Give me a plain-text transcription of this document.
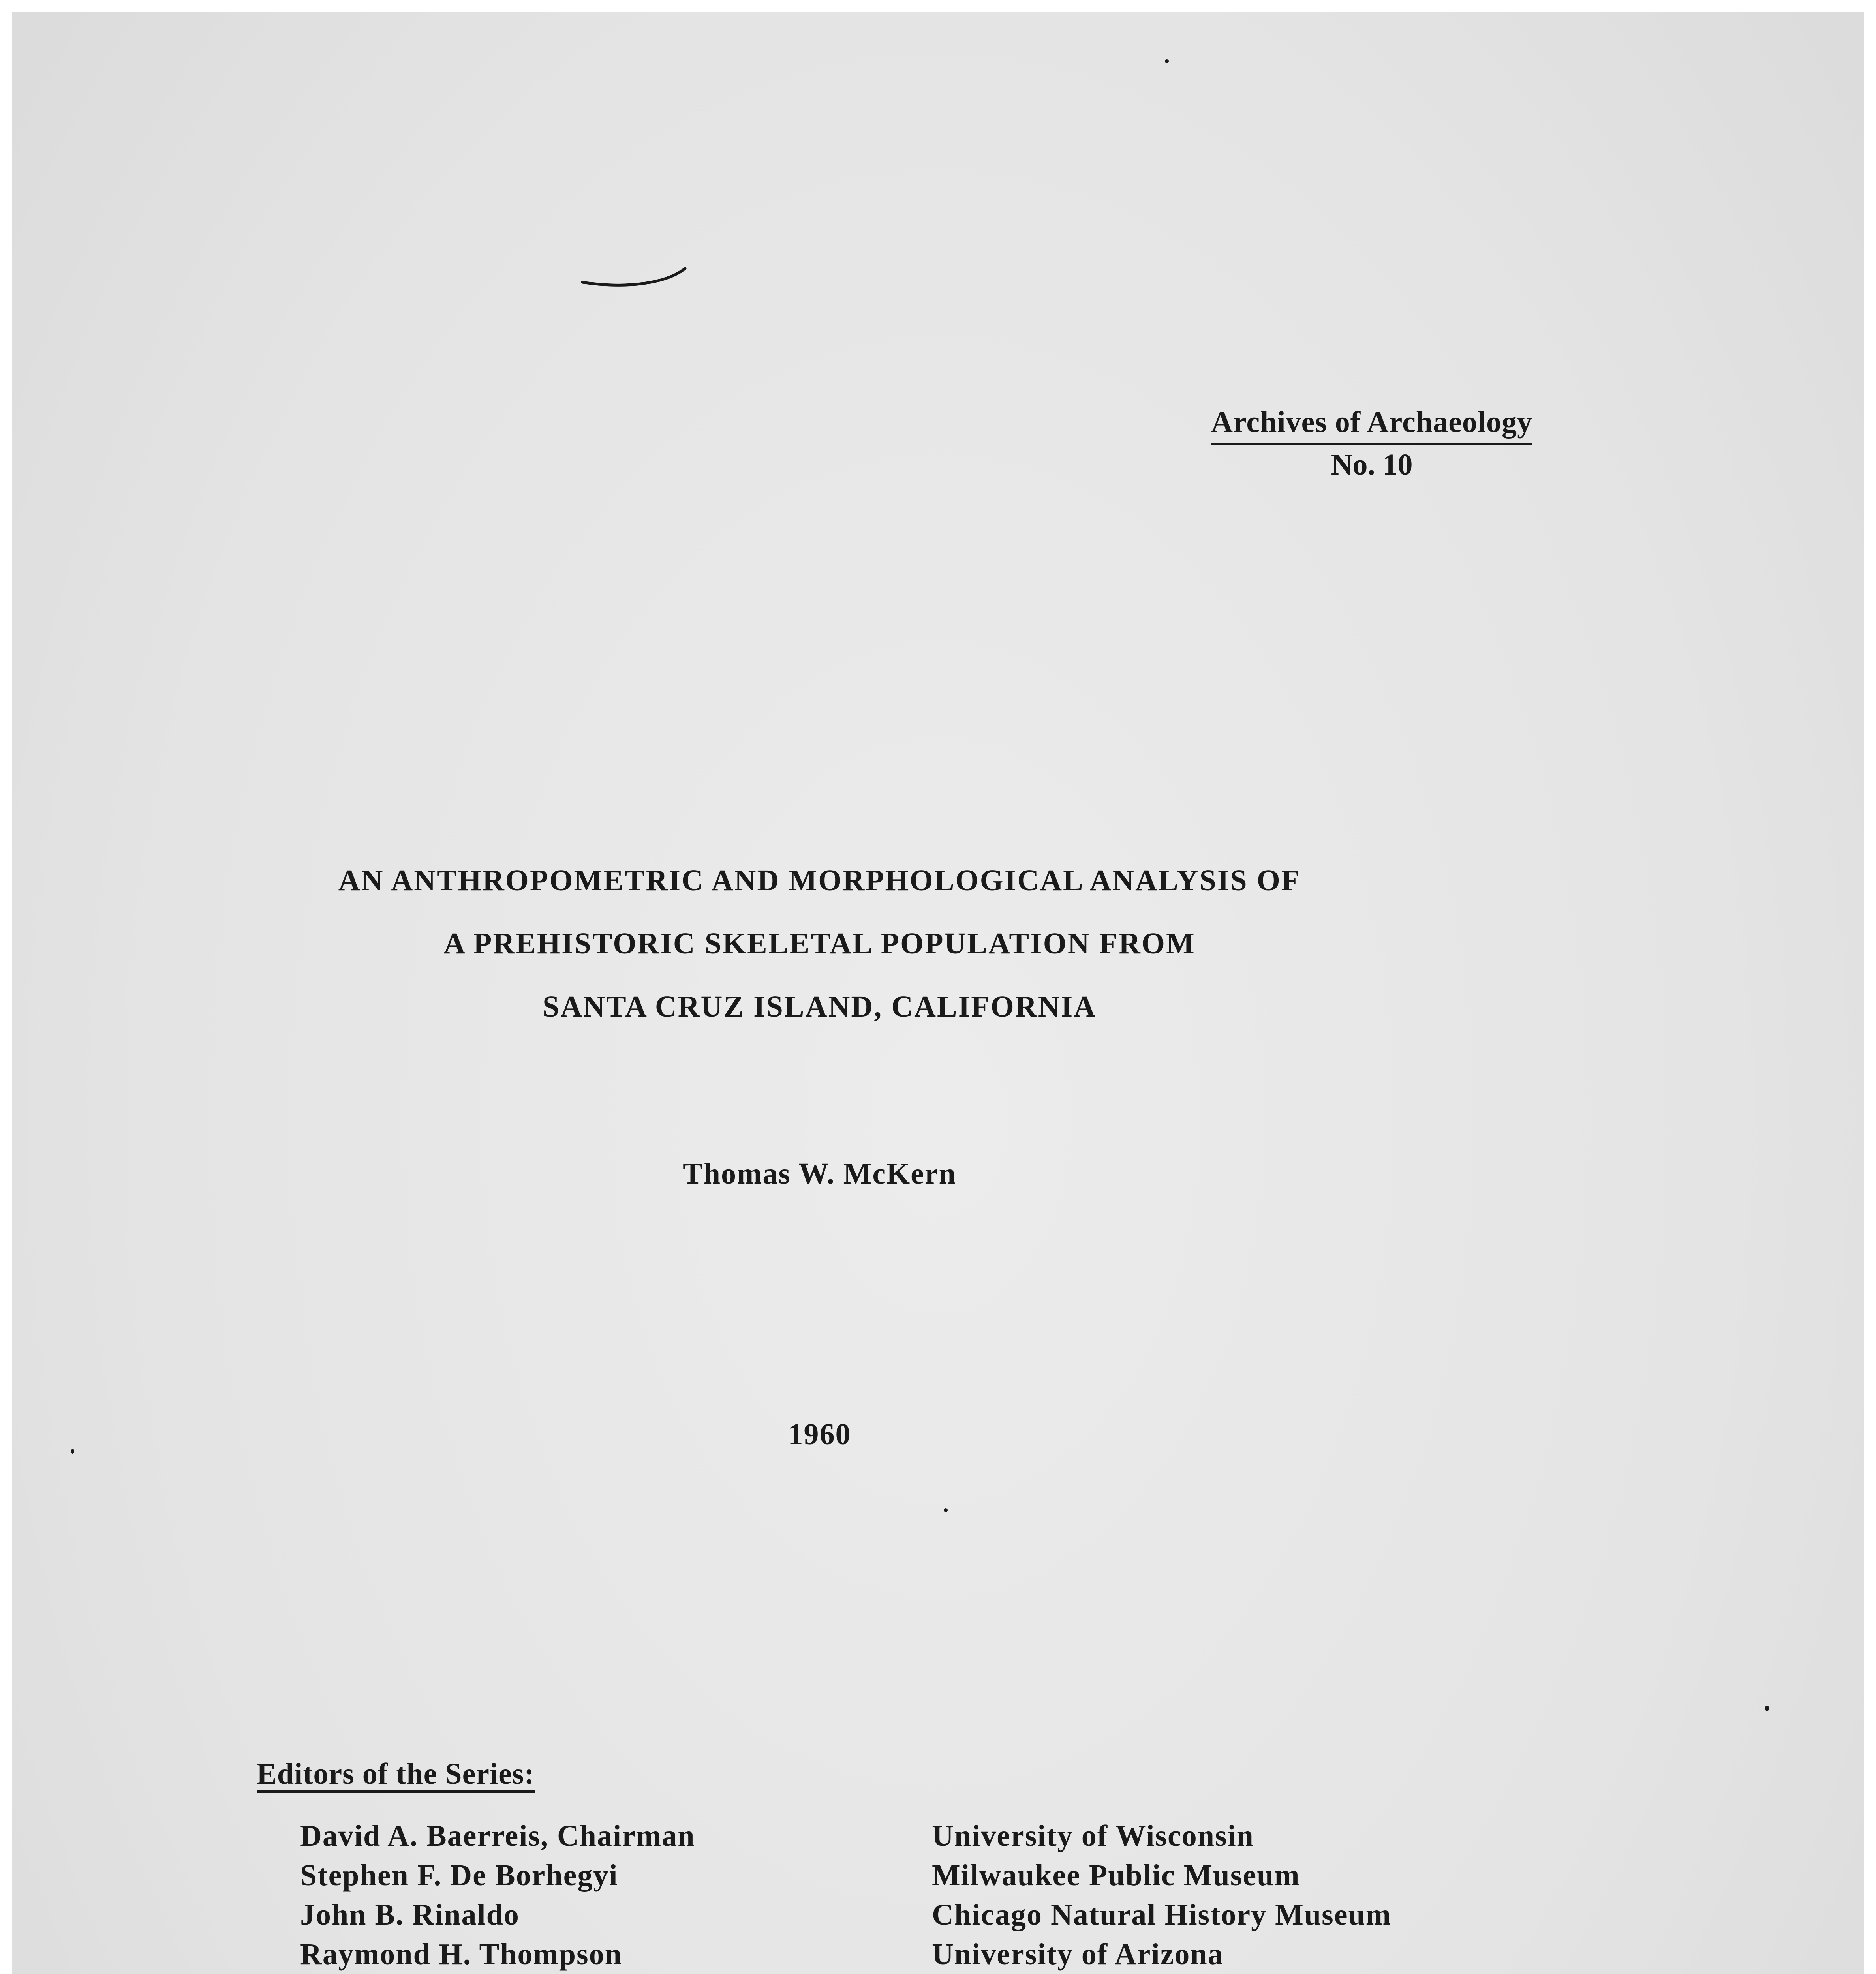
Archives of Archaeology
No. 10
AN ANTHROPOMETRIC AND MORPHOLOGICAL ANALYSIS OF
A PREHISTORIC SKELETAL POPULATION FROM
SANTA CRUZ ISLAND, CALIFORNIA
Thomas W. McKern
1960
Editors of the Series:
David A. Baerreis, Chairman	University of Wisconsin
Stephen F. De Borhegyi	Milwaukee Public Museum
John B. Rinaldo	Chicago Natural History Museum
Raymond H. Thompson	University of Arizona
